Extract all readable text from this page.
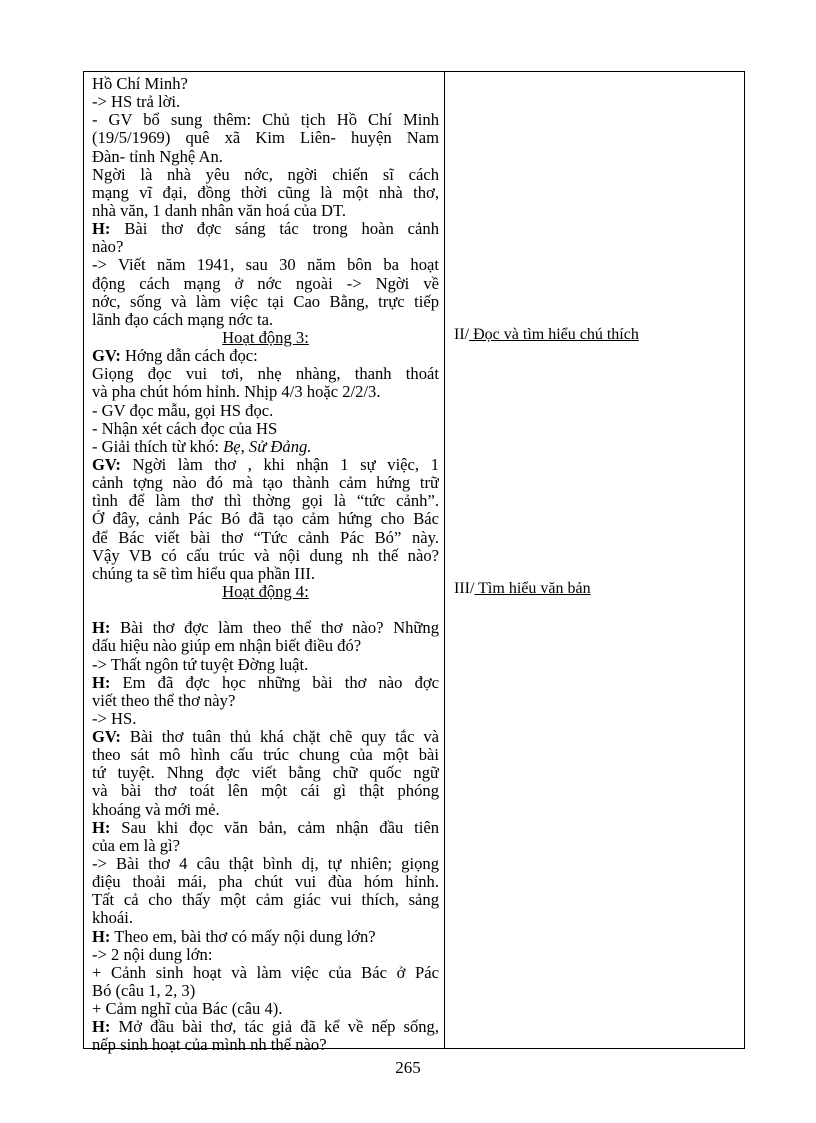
Hồ Chí Minh?
-> HS trả lời.
- GV bổ sung thêm: Chủ tịch Hồ Chí Minh
(19/5/1969) quê xã Kim Liên- huyện Nam
Đàn- tỉnh Nghệ An.
Ngời là nhà yêu nớc, ngời chiến sĩ cách
mạng vĩ đại, đồng thời cũng là một nhà thơ,
nhà văn, 1 danh nhân văn hoá của DT.
H: Bài thơ đợc sáng tác trong hoàn cảnh
nào?
-> Viết năm 1941, sau 30 năm bôn ba hoạt
động cách mạng ở nớc ngoài -> Ngời về
nớc, sống và làm việc tại Cao Bằng, trực tiếp
lãnh đạo cách mạng nớc ta.
Hoạt động 3:
GV: Hớng dẫn cách đọc:
Giọng đọc vui tơi, nhẹ nhàng, thanh thoát
và pha chút hóm hỉnh. Nhịp 4/3 hoặc 2/2/3.
- GV đọc mẫu, gọi HS đọc.
- Nhận xét cách đọc của HS
- Giải thích từ khó: Bẹ, Sử Đảng.
GV: Ngời làm thơ , khi nhận 1 sự việc, 1
cảnh tợng nào đó mà tạo thành cảm hứng trữ
tình để làm thơ thì thờng gọi là “tức cảnh”.
Ở đây, cảnh Pác Bó đã tạo cảm hứng cho Bác
để Bác viết bài thơ “Tức cảnh Pác Bó” này.
Vậy VB có cấu trúc và nội dung nh thế nào?
chúng ta sẽ tìm hiểu qua phần III.
Hoạt động 4:

H: Bài thơ đợc làm theo thể thơ nào? Những
dấu hiệu nào giúp em nhận biết điều đó?
-> Thất ngôn tứ tuyệt Đờng luật.
H: Em đã đợc học những bài thơ nào đợc
viết theo thể thơ này?
-> HS.
GV: Bài thơ tuân thủ khá chặt chẽ quy tắc và
theo sát mô hình cấu trúc chung của một bài
tứ tuyệt. Nhng đợc viết bằng chữ quốc ngữ
và bài thơ toát lên một cái gì thật phóng
khoáng và mới mẻ.
H: Sau khi đọc văn bản, cảm nhận đầu tiên
của em là gì?
-> Bài thơ 4 câu thật bình dị, tự nhiên; giọng
điệu thoải mái, pha chút vui đùa hóm hỉnh.
Tất cả cho thấy một cảm giác vui thích, sảng
khoái.
H: Theo em, bài thơ có mấy nội dung lớn?
-> 2 nội dung lớn:
+ Cảnh sinh hoạt và làm việc của Bác ở Pác
Bó (câu 1, 2, 3)
+ Cảm nghĩ của Bác (câu 4).
H: Mở đầu bài thơ, tác giả đã kể về nếp sống,
nếp sinh hoạt của mình nh thế nào?
II/ Đọc và tìm hiểu chú thích
III/ Tìm hiểu văn bản
265
